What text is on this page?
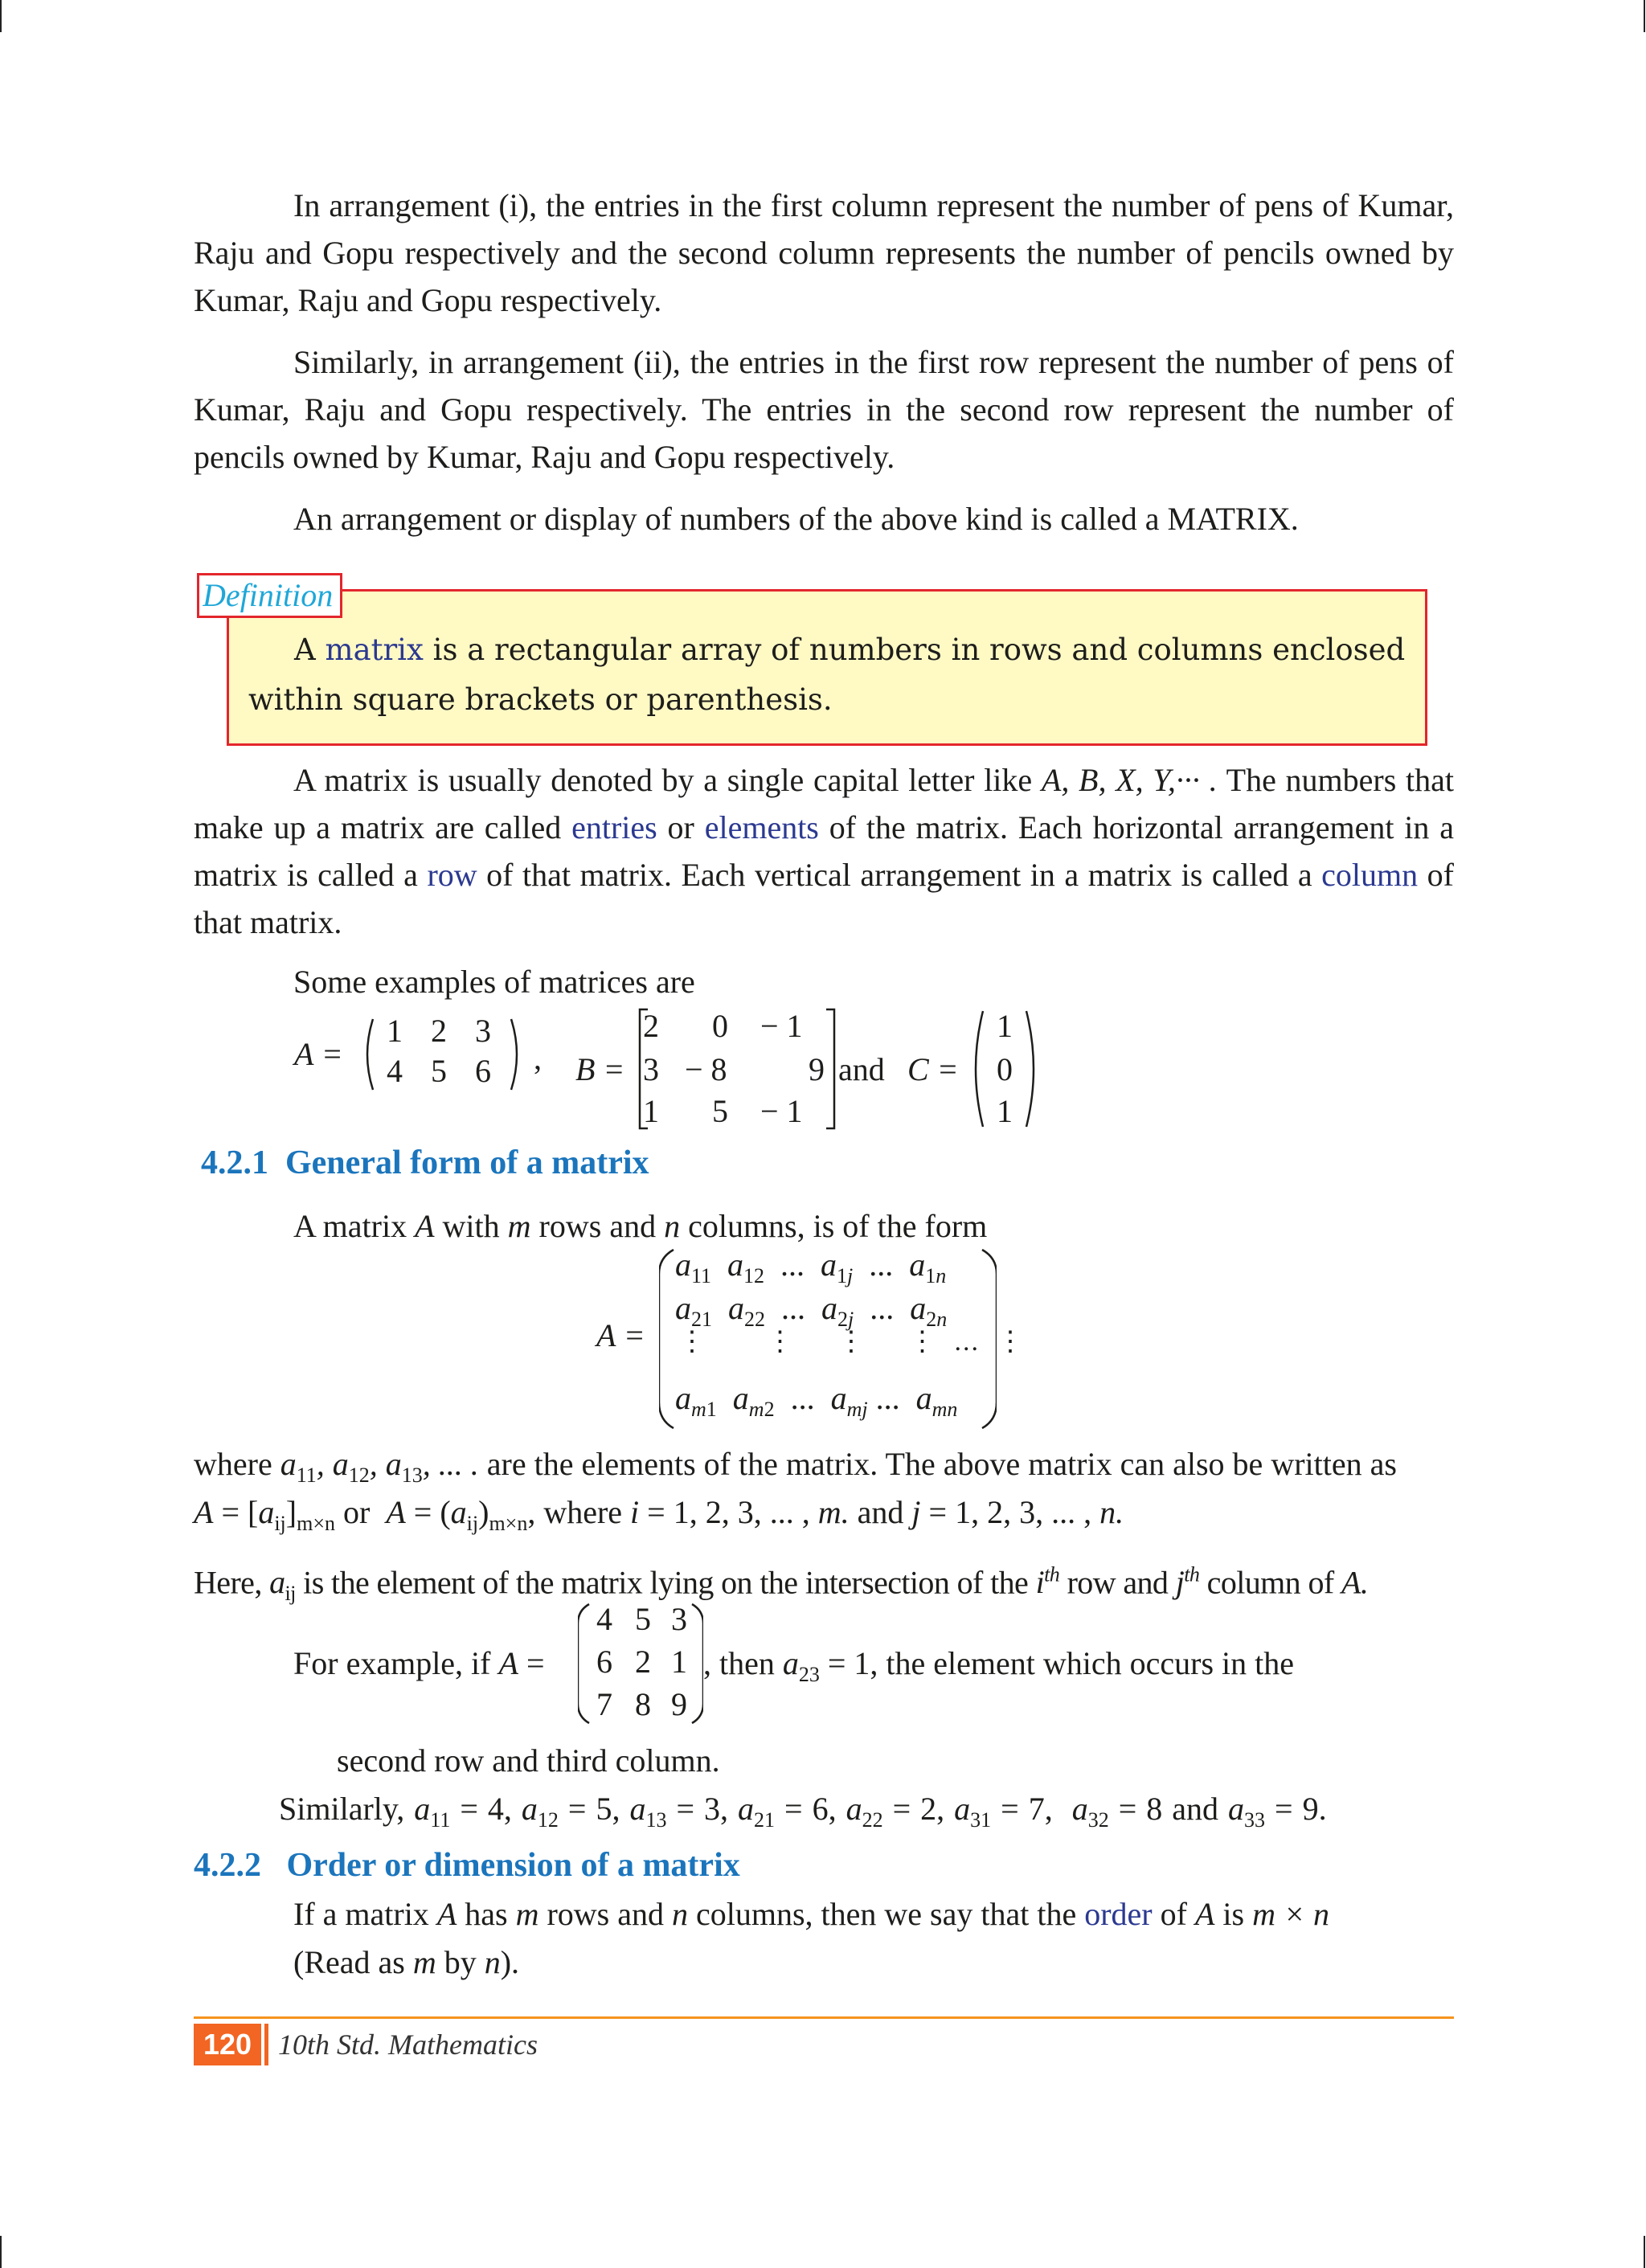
In arrangement (i), the entries in the first column represent the number of pens of Kumar, Raju and Gopu respectively and the second column represents the number of pencils owned by Kumar, Raju and Gopu respectively.

Similarly, in arrangement (ii), the entries in the first row represent the number of pens of Kumar, Raju and Gopu respectively. The entries in the second row represent the number of pencils owned by Kumar, Raju and Gopu respectively.

An arrangement or display of numbers of the above kind is called a MATRIX.

Definition
A matrix is a rectangular array of numbers in rows and columns enclosed within square brackets or parenthesis.

A matrix is usually denoted by a single capital letter like A, B, X, Y,··· . The numbers that make up a matrix are called entries or elements of the matrix. Each horizontal arrangement in a matrix is called a row of that matrix. Each vertical arrangement in a matrix is called a column of that matrix.

Some examples of matrices are

A =
1 2 3
4 5 6 , B =
2	0 − 1
3 − 8	9
1	5 − 1
and C =
1
0
1
4.2.1 General form of a matrix
A matrix A with m rows and n columns, is of the form
A =
$a_{11}$  $a_{12}$ ...  $a_{1j}$ ...  $a_{1n}$
$a_{21}$  $a_{22}$ ...  $a_{2j}$ ...  $a_{2n}$
⋮       ⋮     ⋮     ⋮  ...  ⋮
$a_{m1}$  $a_{m2}$ ...  $a_{mj}$ ...  $a_{mn}$
where $a_{11}$, $a_{12}$, $a_{13}$, ... . are the elements of the matrix. The above matrix can also be written as
$A = [a_{ij}]_{m\times n}$ or $A = (a_{ij})_{m\times n}$, where i = 1, 2, 3, ... , m. and j = 1, 2, 3, ... , n.
Here, $a_{ij}$ is the element of the matrix lying on the intersection of the $i^{th}$ row and $j^{th}$ column of A.
For example, if A =
4 5 3
6 2 1
7 8 9
, then $a_{23} = 1$, the element which occurs in the
second row and third column.
Similarly, $a_{11} = 4$, $a_{12} = 5$, $a_{13} = 3$, $a_{21} = 6$, $a_{22} = 2$, $a_{31} = 7$,  $a_{32} = 8$ and $a_{33} = 9$.
4.2.2 Order or dimension of a matrix
If a matrix A has m rows and n columns, then we say that the order of A is m × n
(Read as m by n).
120 10th Std. Mathematics
